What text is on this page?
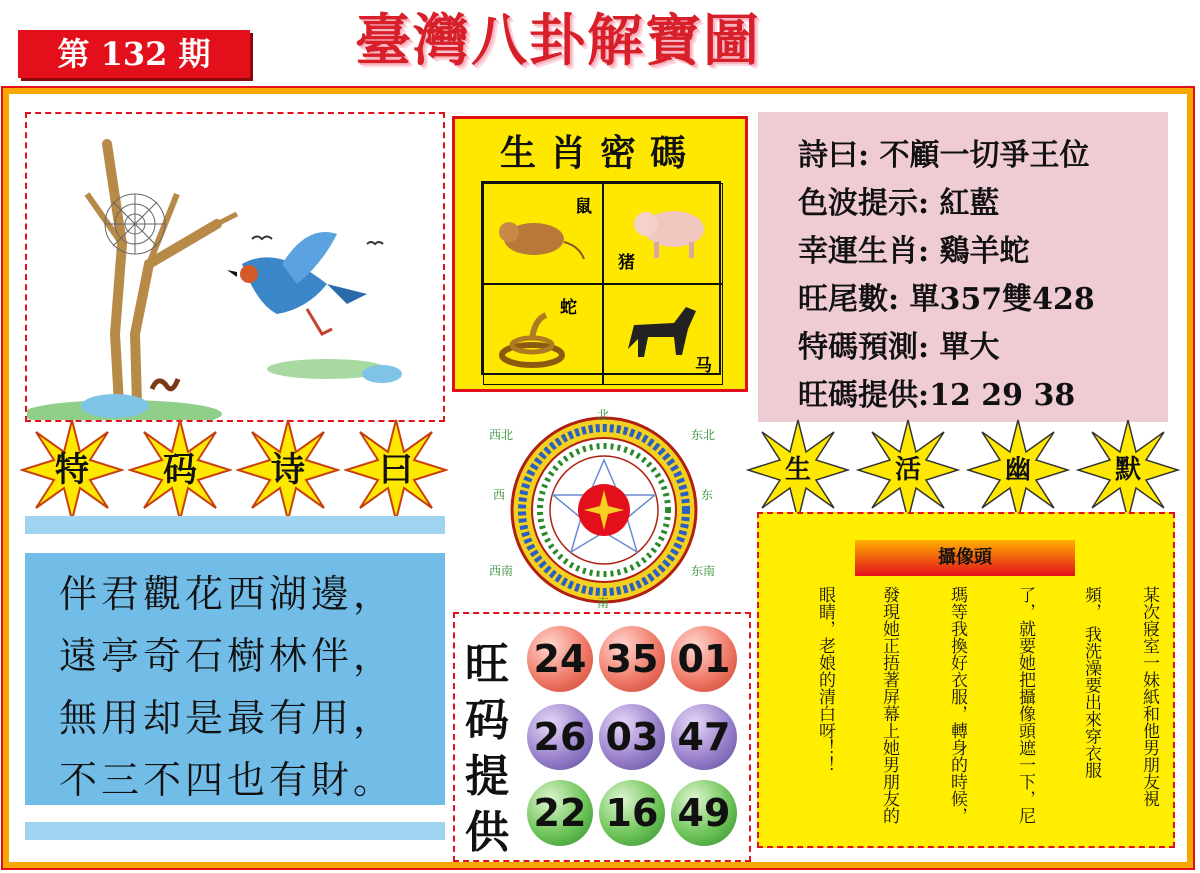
第 132 期	臺灣八卦解寶圖
生肖密碼
鼠
猪
蛇
马
詩曰: 不顧一切爭王位
色波提示: 紅藍
幸運生肖: 鷄羊蛇
旺尾數: 單357雙428
特碼預測: 單大
旺碼提供:12 29 38
特	码	诗	曰	生	活	幽	默
伴君觀花西湖邊，
遠亭奇石樹林伴，
無用却是最有用，
不三不四也有財。
北
东
南
西
西北	东北
西南	东南
旺
码
提
供
24 35 01
26 03 47
22 16 49
攝像頭
某次寢室一妹紙和他男朋友視
頻， 我洗澡要出來穿衣服
了，就要她把攝像頭遮一下，尼
瑪等我換好衣服，轉身的時候，
發現她正捂著屏幕上她男朋友的
眼睛，老娘的清白呀！！
